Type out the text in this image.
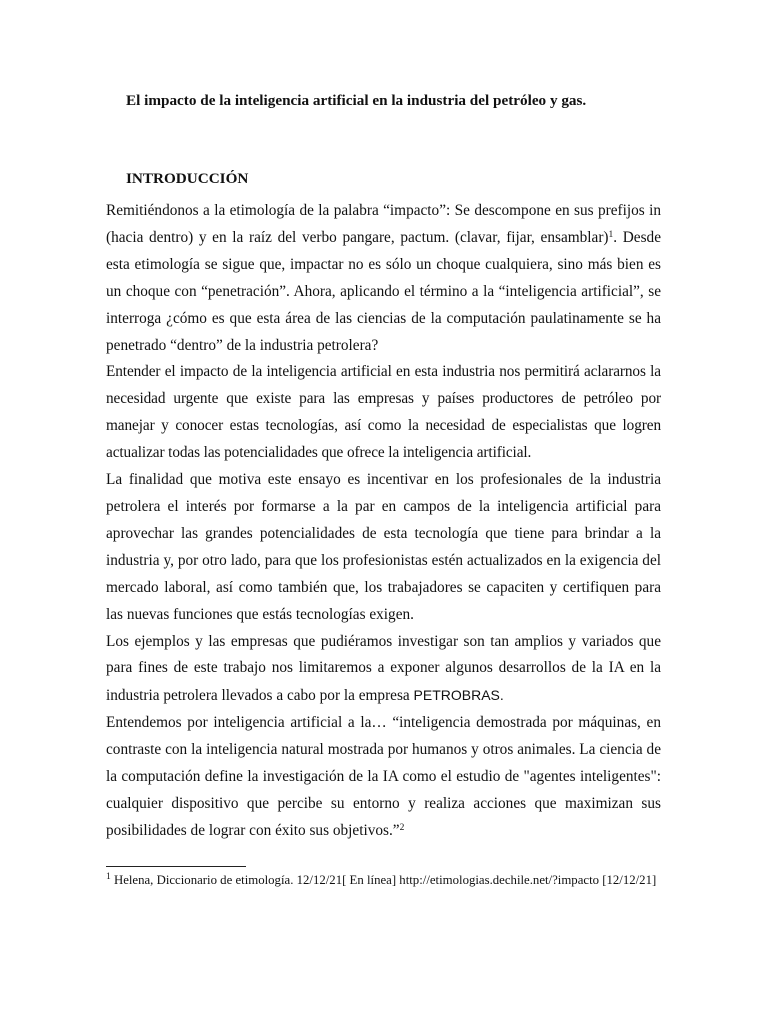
El impacto de la inteligencia artificial en la industria del petróleo y gas.
INTRODUCCIÓN

Remitiéndonos a la etimología de la palabra “impacto”: Se descompone en sus prefijos in (hacia dentro) y en la raíz del verbo pangare, pactum. (clavar, fijar, ensamblar)$^1$. Desde esta etimología se sigue que, impactar no es sólo un choque cualquiera, sino más bien es un choque con “penetración”. Ahora, aplicando el término a la “inteligencia artificial”, se interroga ¿cómo es que esta área de las ciencias de la computación paulatinamente se ha penetrado “dentro” de la industria petrolera?

Entender el impacto de la inteligencia artificial en esta industria nos permitirá aclararnos la necesidad urgente que existe para las empresas y países productores de petróleo por manejar y conocer estas tecnologías, así como la necesidad de especialistas que logren actualizar todas las potencialidades que ofrece la inteligencia artificial.

La finalidad que motiva este ensayo es incentivar en los profesionales de la industria petrolera el interés por formarse a la par en campos de la inteligencia artificial para aprovechar las grandes potencialidades de esta tecnología que tiene para brindar a la industria y, por otro lado, para que los profesionistas estén actualizados en la exigencia del mercado laboral, así como también que, los trabajadores se capaciten y certifiquen para las nuevas funciones que estás tecnologías exigen.

Los ejemplos y las empresas que pudiéramos investigar son tan amplios y variados que para fines de este trabajo nos limitaremos a exponer algunos desarrollos de la IA en la industria petrolera llevados a cabo por la empresa PETROBRAS.

Entendemos por inteligencia artificial a la… “inteligencia demostrada por máquinas, en contraste con la inteligencia natural mostrada por humanos y otros animales. La ciencia de la computación define la investigación de la IA como el estudio de "agentes inteligentes": cualquier dispositivo que percibe su entorno y realiza acciones que maximizan sus posibilidades de lograr con éxito sus objetivos.”$^2$

$^1$ Helena, Diccionario de etimología. 12/12/21[ En línea] http://etimologias.dechile.net/?impacto [12/12/21]
